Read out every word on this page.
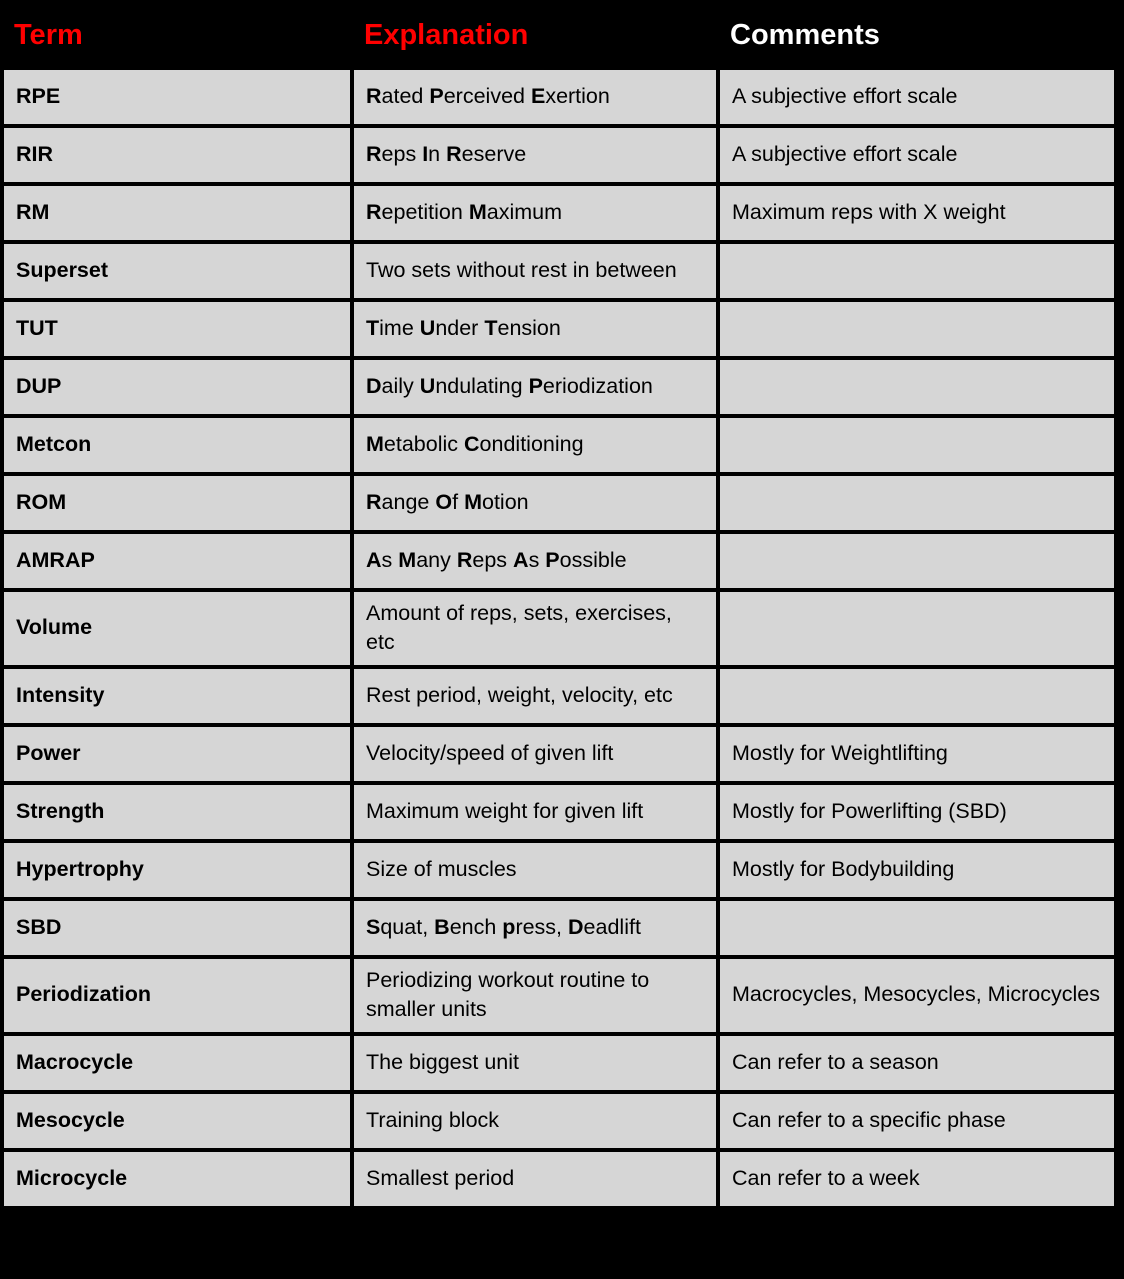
Term	Explanation	Comments
RPE	Rated Perceived Exertion	A subjective effort scale
RIR	Reps In Reserve	A subjective effort scale
RM	Repetition Maximum	Maximum reps with X weight
Superset	Two sets without rest in between	
TUT	Time Under Tension	
DUP	Daily Undulating Periodization	
Metcon	Metabolic Conditioning	
ROM	Range Of Motion	
AMRAP	As Many Reps As Possible	
Volume	Amount of reps, sets, exercises, etc	
Intensity	Rest period, weight, velocity, etc	
Power	Velocity/speed of given lift	Mostly for Weightlifting
Strength	Maximum weight for given lift	Mostly for Powerlifting (SBD)
Hypertrophy	Size of muscles	Mostly for Bodybuilding
SBD	Squat, Bench press, Deadlift	
Periodization	Periodizing workout routine to smaller units	Macrocycles, Mesocycles, Microcycles
Macrocycle	The biggest unit	Can refer to a season
Mesocycle	Training block	Can refer to a specific phase
Microcycle	Smallest period	Can refer to a week
